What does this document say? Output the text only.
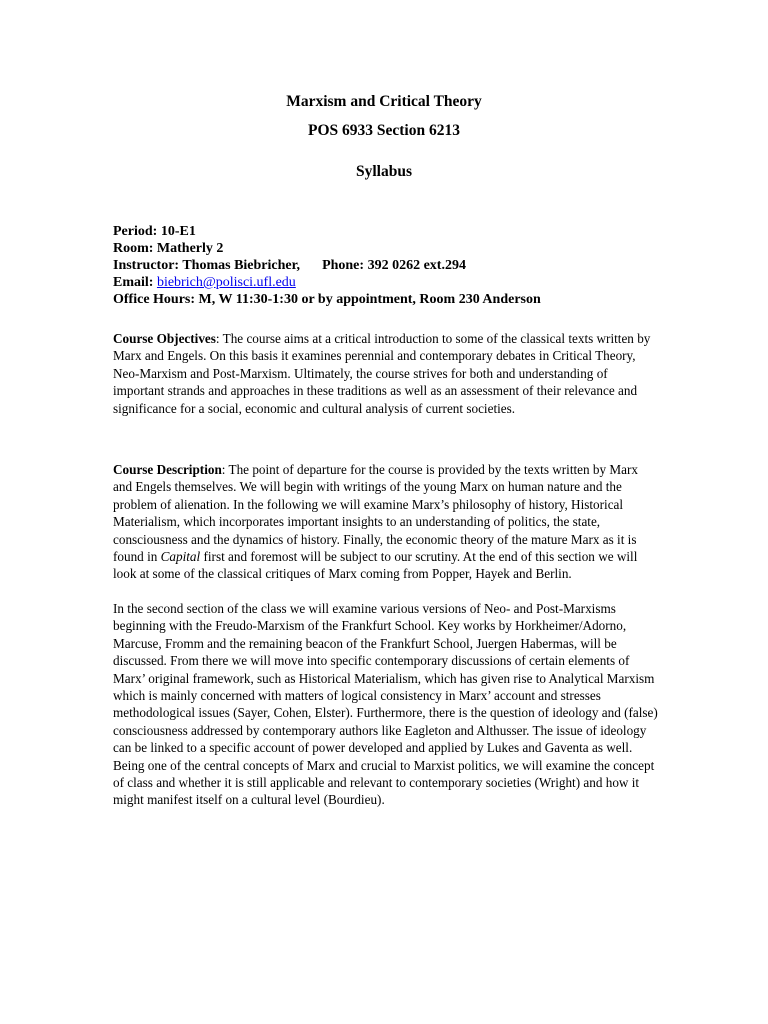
Marxism and Critical Theory

POS 6933 Section 6213

Syllabus

Period: 10-E1

Room: Matherly 2

Instructor: Thomas Biebricher, Phone: 392 0262 ext.294

Email: biebrich@polisci.ufl.edu

Office Hours: M, W 11:30-1:30 or by appointment, Room 230 Anderson

Course Objectives: The course aims at a critical introduction to some of the classical texts written by Marx and Engels. On this basis it examines perennial and contemporary debates in Critical Theory, Neo-Marxism and Post-Marxism. Ultimately, the course strives for both and understanding of important strands and approaches in these traditions as well as an assessment of their relevance and significance for a social, economic and cultural analysis of current societies.

Course Description: The point of departure for the course is provided by the texts written by Marx and Engels themselves. We will begin with writings of the young Marx on human nature and the problem of alienation. In the following we will examine Marx’s philosophy of history, Historical Materialism, which incorporates important insights to an understanding of politics, the state, consciousness and the dynamics of history. Finally, the economic theory of the mature Marx as it is found in Capital first and foremost will be subject to our scrutiny. At the end of this section we will look at some of the classical critiques of Marx coming from Popper, Hayek and Berlin.

In the second section of the class we will examine various versions of Neo- and Post-Marxisms beginning with the Freudo-Marxism of the Frankfurt School. Key works by Horkheimer/Adorno, Marcuse, Fromm and the remaining beacon of the Frankfurt School, Juergen Habermas, will be discussed. From there we will move into specific contemporary discussions of certain elements of Marx’ original framework, such as Historical Materialism, which has given rise to Analytical Marxism which is mainly concerned with matters of logical consistency in Marx’ account and stresses methodological issues (Sayer, Cohen, Elster). Furthermore, there is the question of ideology and (false) consciousness addressed by contemporary authors like Eagleton and Althusser. The issue of ideology can be linked to a specific account of power developed and applied by Lukes and Gaventa as well. Being one of the central concepts of Marx and crucial to Marxist politics, we will examine the concept of class and whether it is still applicable and relevant to contemporary societies (Wright) and how it might manifest itself on a cultural level (Bourdieu).
